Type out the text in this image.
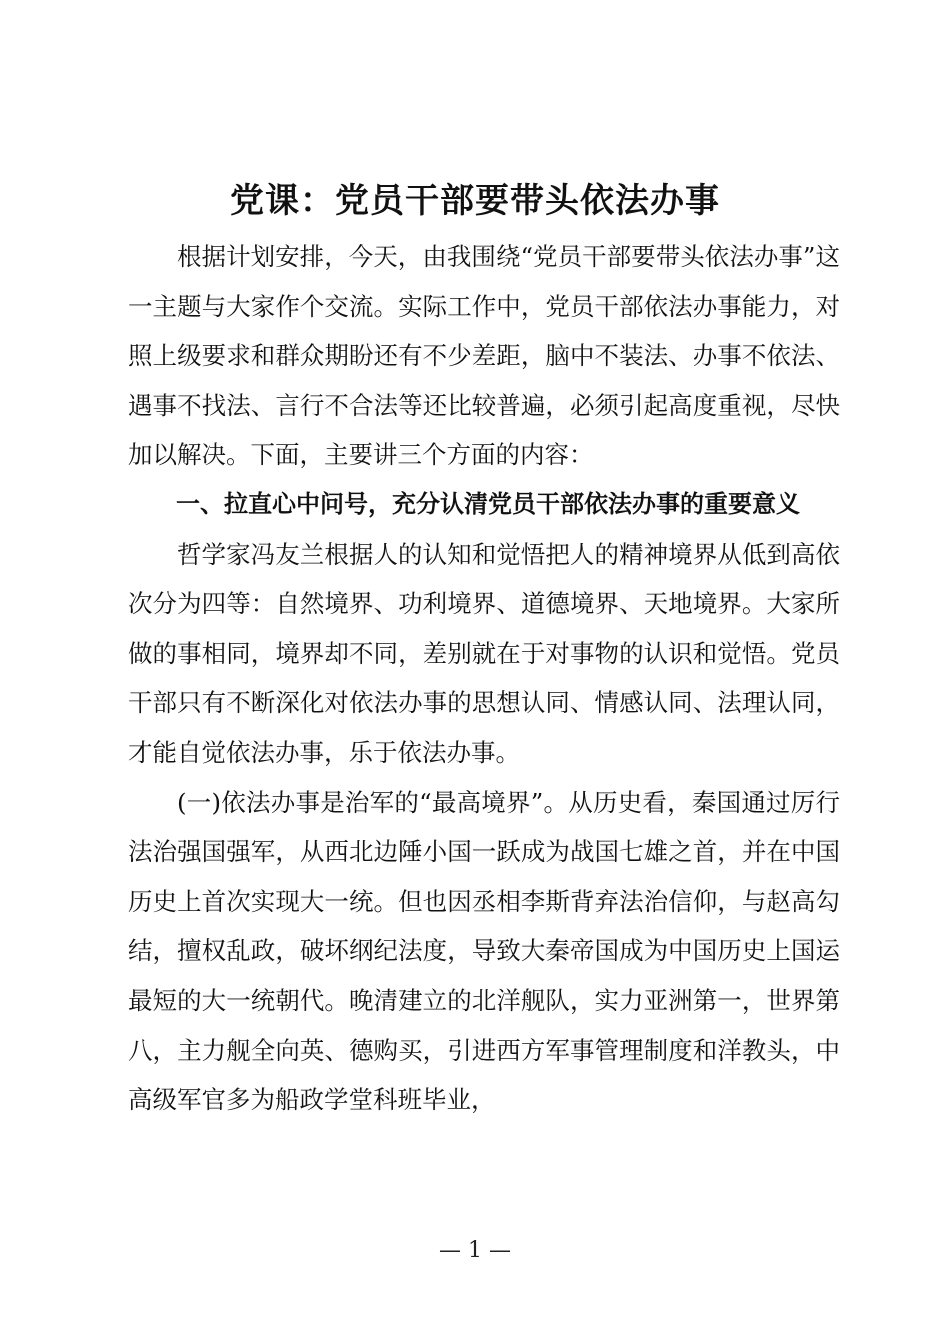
党课：党员干部要带头依法办事

根据计划安排，今天，由我围绕“党员干部要带头依法办事”这一主题与大家作个交流。实际工作中，党员干部依法办事能力，对照上级要求和群众期盼还有不少差距，脑中不装法、办事不依法、遇事不找法、言行不合法等还比较普遍，必须引起高度重视，尽快加以解决。下面，主要讲三个方面的内容：

一、拉直心中问号，充分认清党员干部依法办事的重要意义

哲学家冯友兰根据人的认知和觉悟把人的精神境界从低到高依次分为四等：自然境界、功利境界、道德境界、天地境界。大家所做的事相同，境界却不同，差别就在于对事物的认识和觉悟。党员干部只有不断深化对依法办事的思想认同、情感认同、法理认同，才能自觉依法办事，乐于依法办事。

(一)依法办事是治军的“最高境界”。从历史看，秦国通过厉行法治强国强军，从西北边陲小国一跃成为战国七雄之首，并在中国历史上首次实现大一统。但也因丞相李斯背弃法治信仰，与赵高勾结，擅权乱政，破坏纲纪法度，导致大秦帝国成为中国历史上国运最短的大一统朝代。晚清建立的北洋舰队，实力亚洲第一，世界第八，主力舰全向英、德购买，引进西方军事管理制度和洋教头，中高级军官多为船政学堂科班毕业，

— 1 —
